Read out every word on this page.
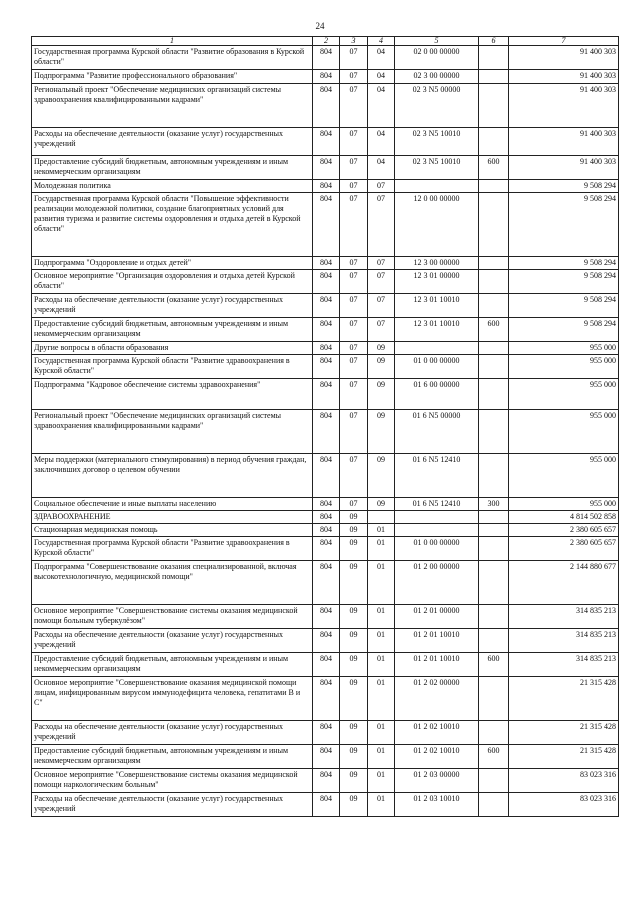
24
1	2	3	4	5	6	7
Государственная программа Курской области "Развитие образования в Курской области"	804	07	04	02 0 00 00000		91 400 303
Подпрограмма "Развитие профессионального образования"	804	07	04	02 3 00 00000		91 400 303
Региональный проект "Обеспечение медицинских организаций системы здравоохранения квалифицированными кадрами"	804	07	04	02 3 N5 00000		91 400 303
Расходы на обеспечение деятельности (оказание услуг) государственных учреждений	804	07	04	02 3 N5 10010		91 400 303
Предоставление субсидий бюджетным, автономным учреждениям и иным некоммерческим организациям	804	07	04	02 3 N5 10010	600	91 400 303
Молодежная политика	804	07	07			9 508 294
Государственная программа Курской области "Повышение эффективности реализации молодежной политики, создание благоприятных условий для развития туризма и развитие системы оздоровления и отдыха детей в Курской области"	804	07	07	12 0 00 00000		9 508 294
Подпрограмма "Оздоровление и отдых детей"	804	07	07	12 3 00 00000		9 508 294
Основное мероприятие "Организация оздоровления и отдыха детей Курской области"	804	07	07	12 3 01 00000		9 508 294
Расходы на обеспечение деятельности (оказание услуг) государственных учреждений	804	07	07	12 3 01 10010		9 508 294
Предоставление субсидий бюджетным, автономным учреждениям и иным некоммерческим организациям	804	07	07	12 3 01 10010	600	9 508 294
Другие вопросы в области образования	804	07	09			955 000
Государственная программа Курской области "Развитие здравоохранения в Курской области"	804	07	09	01 0 00 00000		955 000
Подпрограмма "Кадровое обеспечение системы здравоохранения"	804	07	09	01 6 00 00000		955 000
Региональный проект "Обеспечение медицинских организаций системы здравоохранения квалифицированными кадрами"	804	07	09	01 6 N5 00000		955 000
Меры поддержки (материального стимулирования) в период обучения граждан, заключивших договор о целевом обучении	804	07	09	01 6 N5 12410		955 000
Социальное обеспечение и иные выплаты населению	804	07	09	01 6 N5 12410	300	955 000
ЗДРАВООХРАНЕНИЕ	804	09				4 814 502 858
Стационарная медицинская помощь	804	09	01			2 380 605 657
Государственная программа Курской области "Развитие здравоохранения в Курской области"	804	09	01	01 0 00 00000		2 380 605 657
Подпрограмма "Совершенствование оказания специализированной, включая высокотехнологичную, медицинской помощи"	804	09	01	01 2 00 00000		2 144 880 677
Основное мероприятие "Совершенствование системы оказания медицинской помощи больным туберкулёзом"	804	09	01	01 2 01 00000		314 835 213
Расходы на обеспечение деятельности (оказание услуг) государственных учреждений	804	09	01	01 2 01 10010		314 835 213
Предоставление субсидий бюджетным, автономным учреждениям и иным некоммерческим организациям	804	09	01	01 2 01 10010	600	314 835 213
Основное мероприятие "Совершенствование оказания медицинской помощи лицам, инфицированным вирусом иммунодефицита человека, гепатитами В и С"	804	09	01	01 2 02 00000		21 315 428
Расходы на обеспечение деятельности (оказание услуг) государственных учреждений	804	09	01	01 2 02 10010		21 315 428
Предоставление субсидий бюджетным, автономным учреждениям и иным некоммерческим организациям	804	09	01	01 2 02 10010	600	21 315 428
Основное мероприятие "Совершенствование системы оказания медицинской помощи наркологическим больным"	804	09	01	01 2 03 00000		83 023 316
Расходы на обеспечение деятельности (оказание услуг) государственных учреждений	804	09	01	01 2 03 10010		83 023 316
